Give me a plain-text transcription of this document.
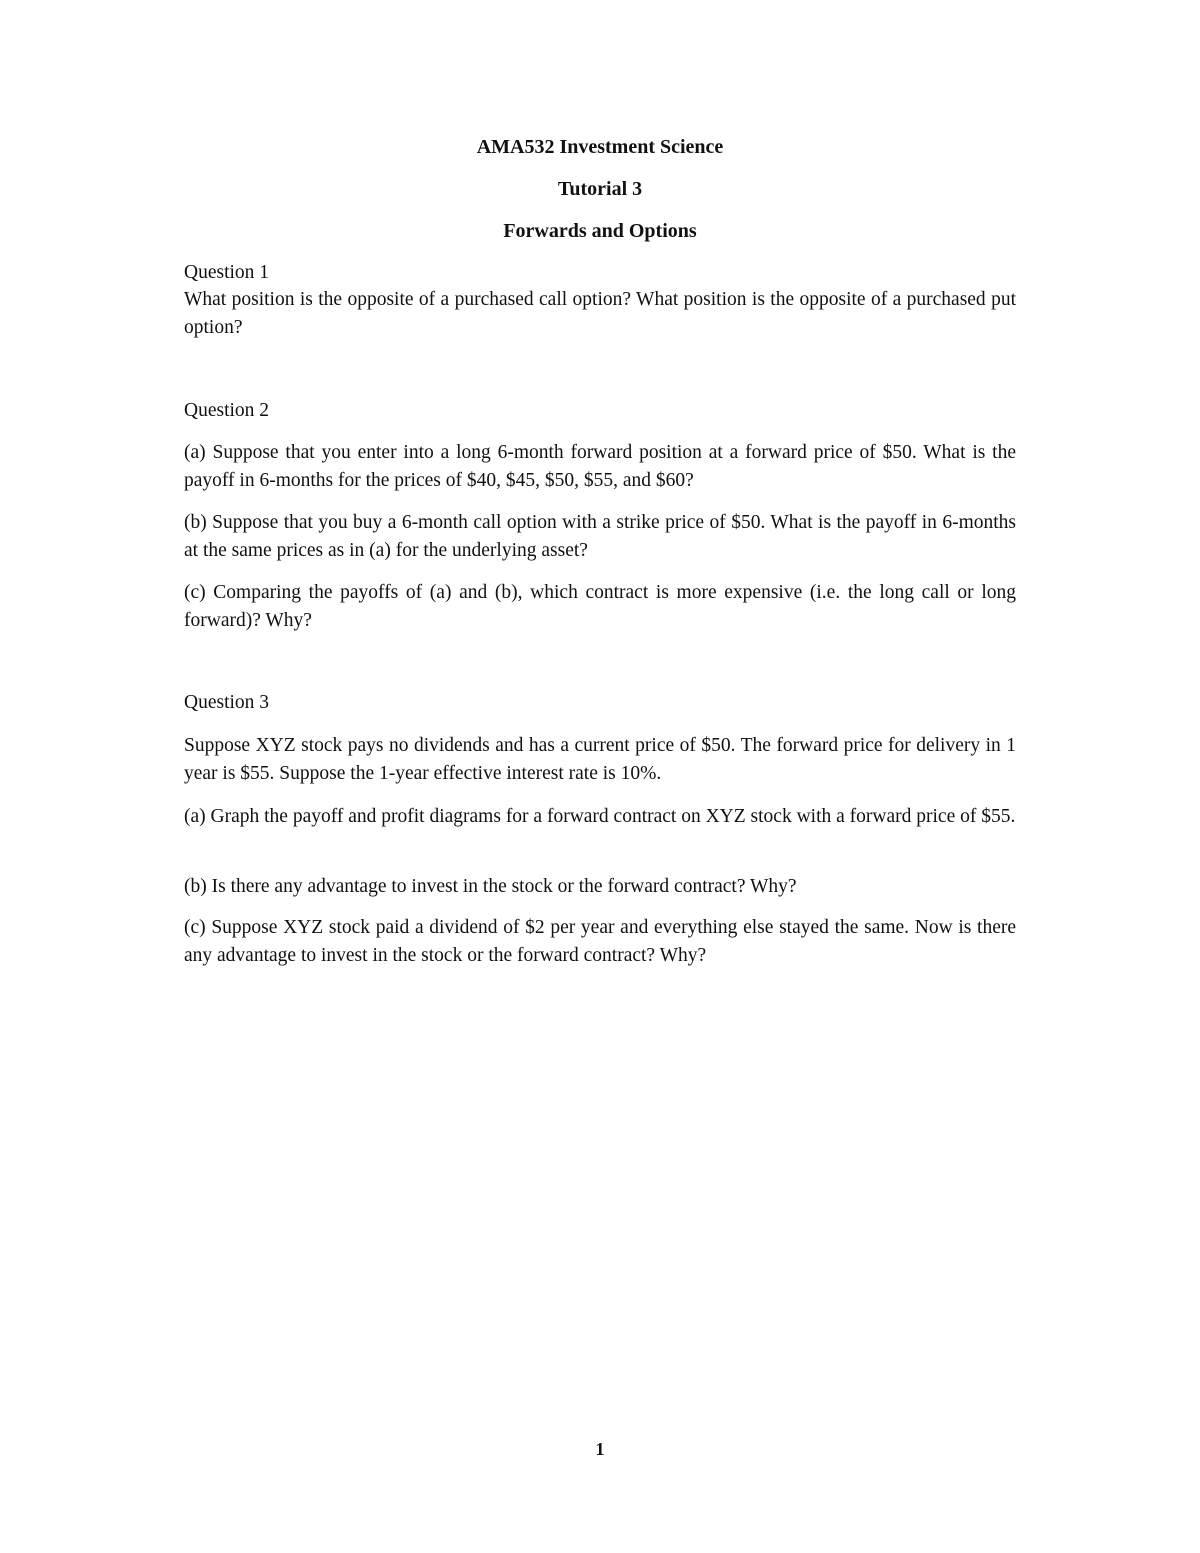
AMA532 Investment Science
Tutorial 3
Forwards and Options
Question 1
What position is the opposite of a purchased call option? What position is the opposite of a purchased put option?
Question 2
(a) Suppose that you enter into a long 6-month forward position at a forward price of $50. What is the payoff in 6-months for the prices of $40, $45, $50, $55, and $60?
(b) Suppose that you buy a 6-month call option with a strike price of $50. What is the payoff in 6-months at the same prices as in (a) for the underlying asset?
(c) Comparing the payoffs of (a) and (b), which contract is more expensive (i.e. the long call or long forward)? Why?
Question 3
Suppose XYZ stock pays no dividends and has a current price of $50. The forward price for delivery in 1 year is $55. Suppose the 1-year effective interest rate is 10%.
(a) Graph the payoff and profit diagrams for a forward contract on XYZ stock with a forward price of $55.
(b) Is there any advantage to invest in the stock or the forward contract? Why?
(c) Suppose XYZ stock paid a dividend of $2 per year and everything else stayed the same. Now is there any advantage to invest in the stock or the forward contract? Why?
1
